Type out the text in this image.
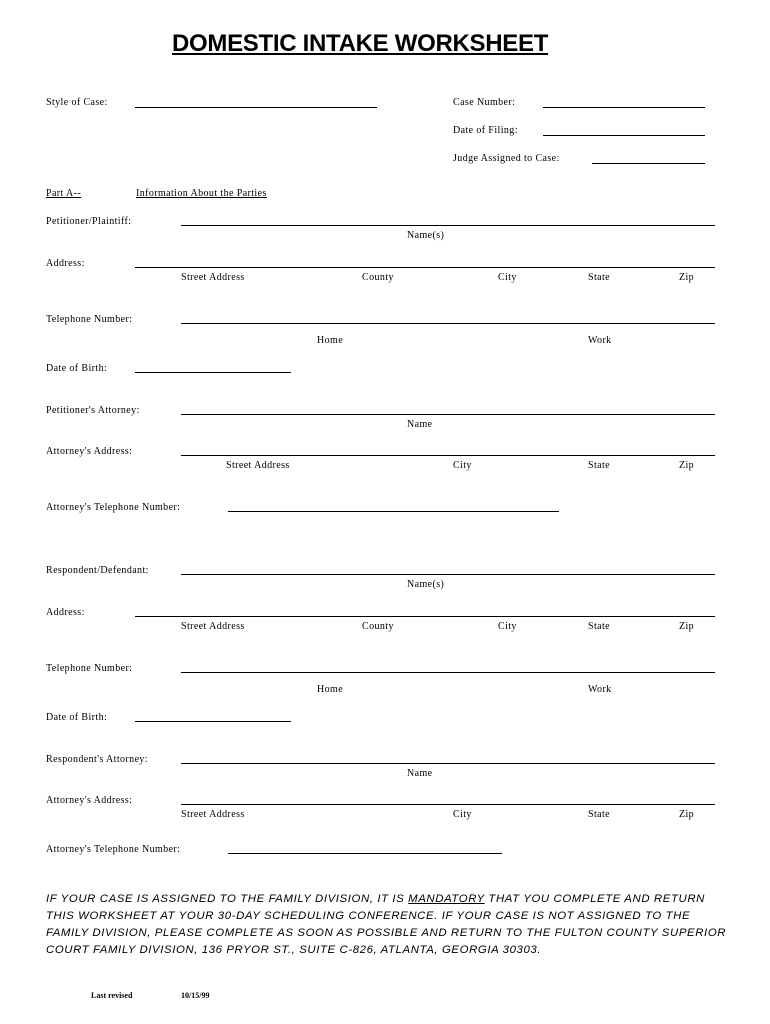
DOMESTIC INTAKE WORKSHEET
Style of Case:	Case Number:
Date of Filing:
Judge Assigned to Case:
Part A--	Information About the Parties
Petitioner/Plaintiff:
Name(s)
Address:
Street Address	County	City	State	Zip
Telephone Number:
Home	Work
Date of Birth:
Petitioner's Attorney:
Name
Attorney's Address:
Street Address	City	State	Zip
Attorney's Telephone Number:
Respondent/Defendant:
Name(s)
Address:
Street Address	County	City	State	Zip
Telephone Number:
Home	Work
Date of Birth:
Respondent's Attorney:
Name
Attorney's Address:
Street Address	City	State	Zip
Attorney's Telephone Number:
IF YOUR CASE IS ASSIGNED TO THE FAMILY DIVISION, IT IS MANDATORY THAT YOU COMPLETE AND RETURN THIS WORKSHEET AT YOUR 30-DAY SCHEDULING CONFERENCE. IF YOUR CASE IS NOT ASSIGNED TO THE FAMILY DIVISION, PLEASE COMPLETE AS SOON AS POSSIBLE AND RETURN TO THE FULTON COUNTY SUPERIOR COURT FAMILY DIVISION, 136 PRYOR ST., SUITE C-826, ATLANTA, GEORGIA 30303.
Last revised	10/15/99
